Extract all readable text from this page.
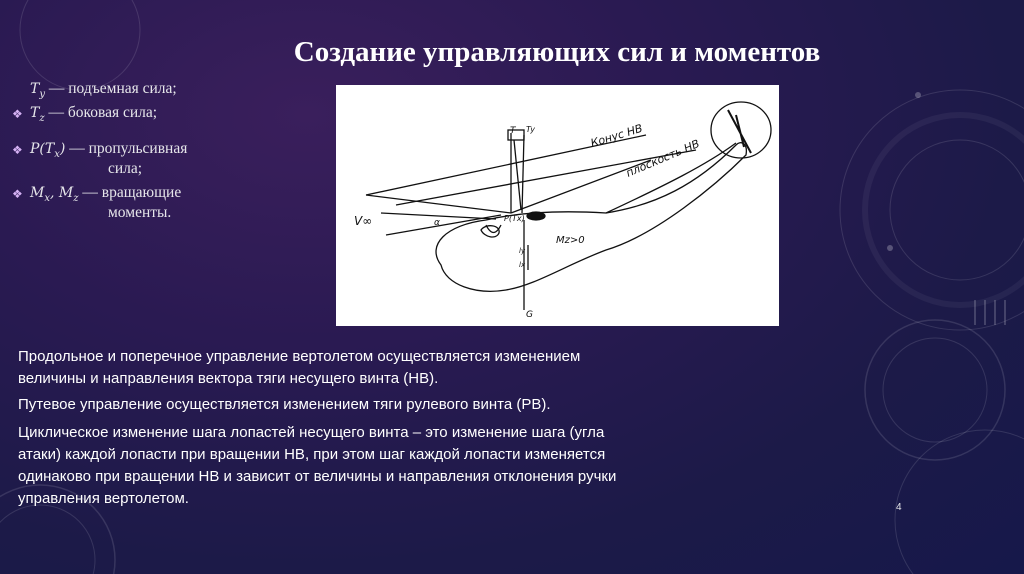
Создание управляющих сил и моментов
$T_y$ — подъемная сила;
❖ $T_z$ — боковая сила;
❖ $P(T_x)$ — пропульсивная
сила;
❖ $M_x$, $M_z$ — вращающие
моменты.
Конус НВ
плоскость НВ
V∞
T Ty
P(Tx)
Mz>0
G
α
ly
lx
Продольное и поперечное управление вертолетом осуществляется изменением
величины и направления вектора тяги несущего винта (НВ).
Путевое управление осуществляется изменением тяги рулевого винта (РВ).
Циклическое изменение шага лопастей несущего винта – это изменение шага (угла
атаки) каждой лопасти при вращении НВ, при этом шаг каждой лопасти изменяется
одинаково при вращении НВ и зависит от величины и направления отклонения ручки
управления вертолетом.
4
